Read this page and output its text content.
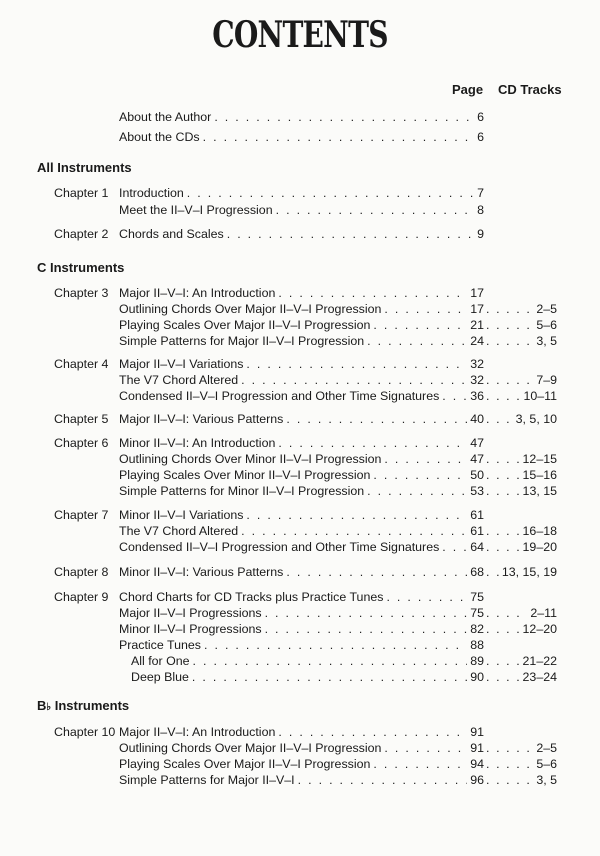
CONTENTS
Page CD Tracks
About the Author . . .	6
About the CDs . . .	6
All Instruments
Chapter 1 Introduction . . .	7
Meet the II–V–I Progression . . .	8
Chapter 2 Chords and Scales . . .	9
C Instruments
Chapter 3 Major II–V–I: An Introduction . . .	17
Outlining Chords Over Major II–V–I Progression . . .	17 . . .	2–5
Playing Scales Over Major II–V–I Progression . . .	21 . . .	5–6
Simple Patterns for Major II–V–I Progression . . .	24 . . .	3, 5
Chapter 4 Major II–V–I Variations . . .	32
The V7 Chord Altered . . .	32 . . .	7–9
Condensed II–V–I Progression and Other Time Signatures . . . 36 . . .	10–11
Chapter 5 Major II–V–I: Various Patterns . . .	40 . . .	3, 5, 10
Chapter 6 Minor II–V–I: An Introduction . . .	47
Outlining Chords Over Minor II–V–I Progression . . .	47 . . .	12–15
Playing Scales Over Minor II–V–I Progression . . .	50 . . .	15–16
Simple Patterns for Minor II–V–I Progression . . .	53 . . .	13, 15
Chapter 7 Minor II–V–I Variations . . .	61
The V7 Chord Altered . . .	61 . . .	16–18
Condensed II–V–I Progression and Other Time Signatures . . . 64 . . .	19–20
Chapter 8 Minor II–V–I: Various Patterns . . .	68 . . . 13, 15, 19
Chapter 9 Chord Charts for CD Tracks plus Practice Tunes . . .	75
Major II–V–I Progressions . . .	75 . . .	2–11
Minor II–V–I Progressions . . .	82 . . .	12–20
Practice Tunes . . .	88
All for One . . .	89 . . .	21–22
Deep Blue . . .	90 . . .	23–24
B♭ Instruments
Chapter 10 Major II–V–I: An Introduction . . .	91
Outlining Chords Over Major II–V–I Progression . . .	91 . . .	2–5
Playing Scales Over Major II–V–I Progression . . .	94 . . .	5–6
Simple Patterns for Major II–V–I . . .	96 . . .	3, 5
